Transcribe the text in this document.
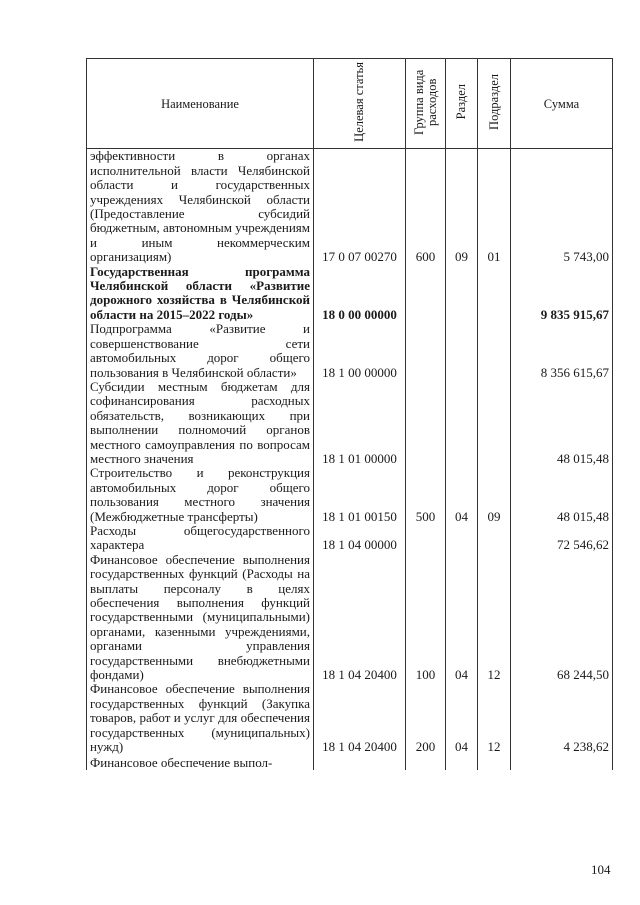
Наименование	Целевая статья	Группа вида расходов	Раздел	Подраздел	Сумма
эффективности в органах исполнительной власти Челябинской области и государственных учреждениях Челябинской области (Предоставление субсидий бюджетным, автономным учреждениям и иным некоммерческим организациям)	17 0 07 00270	600	09	01	5 743,00
Государственная программа Челябинской области «Развитие дорожного хозяйства в Челябинской области на 2015–2022 годы»	18 0 00 00000				9 835 915,67
Подпрограмма «Развитие и совершенствование сети автомобильных дорог общего пользования в Челябинской области»	18 1 00 00000				8 356 615,67
Субсидии местным бюджетам для софинансирования расходных обязательств, возникающих при выполнении полномочий органов местного самоуправления по вопросам местного значения	18 1 01 00000				48 015,48
Строительство и реконструкция автомобильных дорог общего пользования местного значения (Межбюджетные трансферты)	18 1 01 00150	500	04	09	48 015,48
Расходы общегосударственного характера	18 1 04 00000				72 546,62
Финансовое обеспечение выполнения государственных функций (Расходы на выплаты персоналу в целях обеспечения выполнения функций государственными (муниципальными) органами, казенными учреждениями, органами управления государственными внебюджетными фондами)	18 1 04 20400	100	04	12	68 244,50
Финансовое обеспечение выполнения государственных функций (Закупка товаров, работ и услуг для обеспечения государственных (муниципальных) нужд)	18 1 04 20400	200	04	12	4 238,62
Финансовое обеспечение выпол-					
104
